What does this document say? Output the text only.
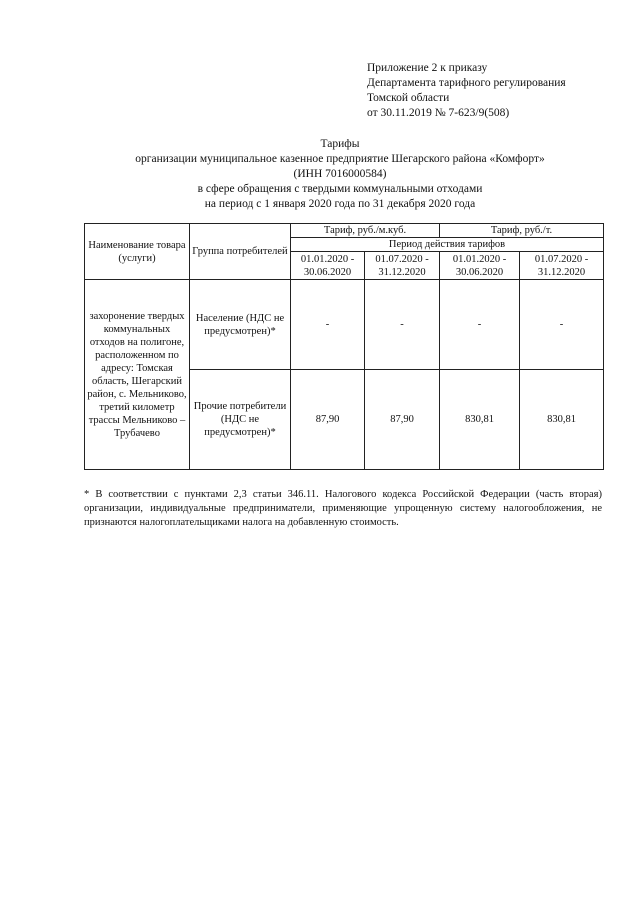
Приложение 2 к приказу
Департамента тарифного регулирования
Томской области
от 30.11.2019 № 7-623/9(508)
Тарифы
организации муниципальное казенное предприятие Шегарского района «Комфорт»
(ИНН 7016000584)
в сфере обращения с твердыми коммунальными отходами
на период с 1 января 2020 года по 31 декабря 2020 года
Наименование товара (услуги)	Группа потребителей	Тариф, руб./м.куб.		Тариф, руб./т.	
		Период действия тарифов			
		01.01.2020 - 30.06.2020	01.07.2020 - 31.12.2020	01.01.2020 - 30.06.2020	01.07.2020 - 31.12.2020
захоронение твердых коммунальных отходов на полигоне, расположенном по адресу: Томская область, Шегарский район, с. Мельниково, третий километр трассы Мельниково – Трубачево	Население (НДС не предусмотрен)*	-	-	-	-
	Прочие потребители (НДС не предусмотрен)*	87,90	87,90	830,81	830,81
* В соответствии с пунктами 2,3 статьи 346.11. Налогового кодекса Российской Федерации (часть вторая) организации, индивидуальные предприниматели, применяющие упрощенную систему налогообложения, не признаются налогоплательщиками налога на добавленную стоимость.
